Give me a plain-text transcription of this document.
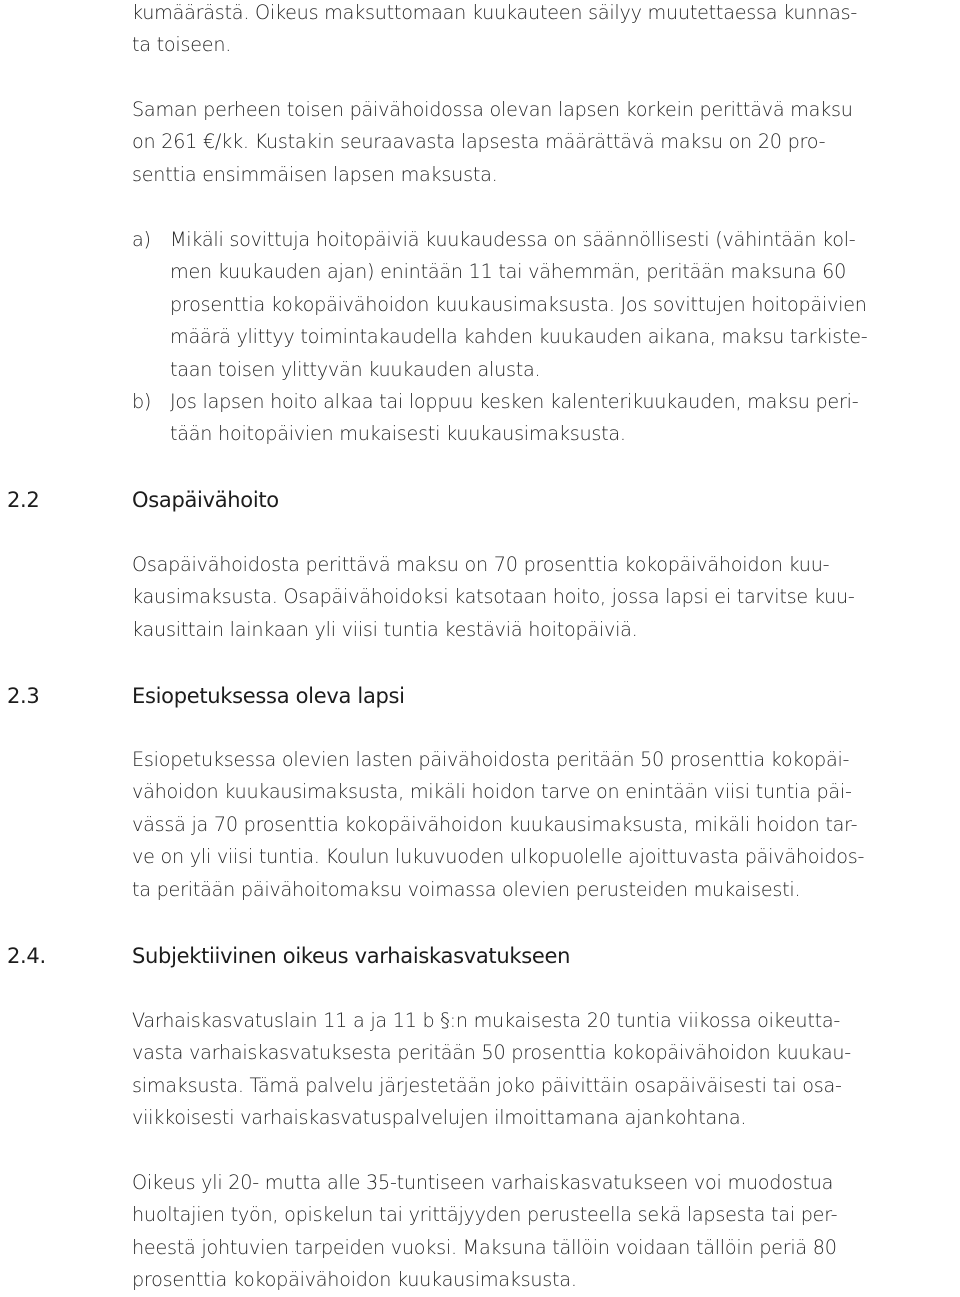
kumäärästä. Oikeus maksuttomaan kuukauteen säilyy muutettaessa kunnas-
ta toiseen.

Saman perheen toisen päivähoidossa olevan lapsen korkein perittävä maksu
on 261 €/kk. Kustakin seuraavasta lapsesta määrättävä maksu on 20 pro-
senttia ensimmäisen lapsen maksusta.

a)	Mikäli sovittuja hoitopäiviä kuukaudessa on säännöllisesti (vähintään kol-
men kuukauden ajan) enintään 11 tai vähemmän, peritään maksuna 60
prosenttia kokopäivähoidon kuukausimaksusta. Jos sovittujen hoitopäivien
määrä ylittyy toimintakaudella kahden kuukauden aikana, maksu tarkiste-
taan toisen ylittyvän kuukauden alusta.
b) Jos lapsen hoito alkaa tai loppuu kesken kalenterikuukauden, maksu peri-
tään hoitopäivien mukaisesti kuukausimaksusta.
2.2	Osapäivähoito

Osapäivähoidosta perittävä maksu on 70 prosenttia kokopäivähoidon kuu-
kausimaksusta. Osapäivähoidoksi katsotaan hoito, jossa lapsi ei tarvitse kuu-
kausittain lainkaan yli viisi tuntia kestäviä hoitopäiviä.

2.3	Esiopetuksessa oleva lapsi

Esiopetuksessa olevien lasten päivähoidosta peritään 50 prosenttia kokopäi-
vähoidon kuukausimaksusta, mikäli hoidon tarve on enintään viisi tuntia päi-
vässä ja 70 prosenttia kokopäivähoidon kuukausimaksusta, mikäli hoidon tar-
ve on yli viisi tuntia. Koulun lukuvuoden ulkopuolelle ajoittuvasta päivähoidos-
ta peritään päivähoitomaksu voimassa olevien perusteiden mukaisesti.

2.4.	Subjektiivinen oikeus varhaiskasvatukseen

Varhaiskasvatuslain 11 a ja 11 b §:n mukaisesta 20 tuntia viikossa oikeutta-
vasta varhaiskasvatuksesta peritään 50 prosenttia kokopäivähoidon kuukau-
simaksusta. Tämä palvelu järjestetään joko päivittäin osapäiväisesti tai osa-
viikkoisesti varhaiskasvatuspalvelujen ilmoittamana ajankohtana.

Oikeus yli 20- mutta alle 35-tuntiseen varhaiskasvatukseen voi muodostua
huoltajien työn, opiskelun tai yrittäjyyden perusteella sekä lapsesta tai per-
heestä johtuvien tarpeiden vuoksi. Maksuna tällöin voidaan tällöin periä 80
prosenttia kokopäivähoidon kuukausimaksusta.
